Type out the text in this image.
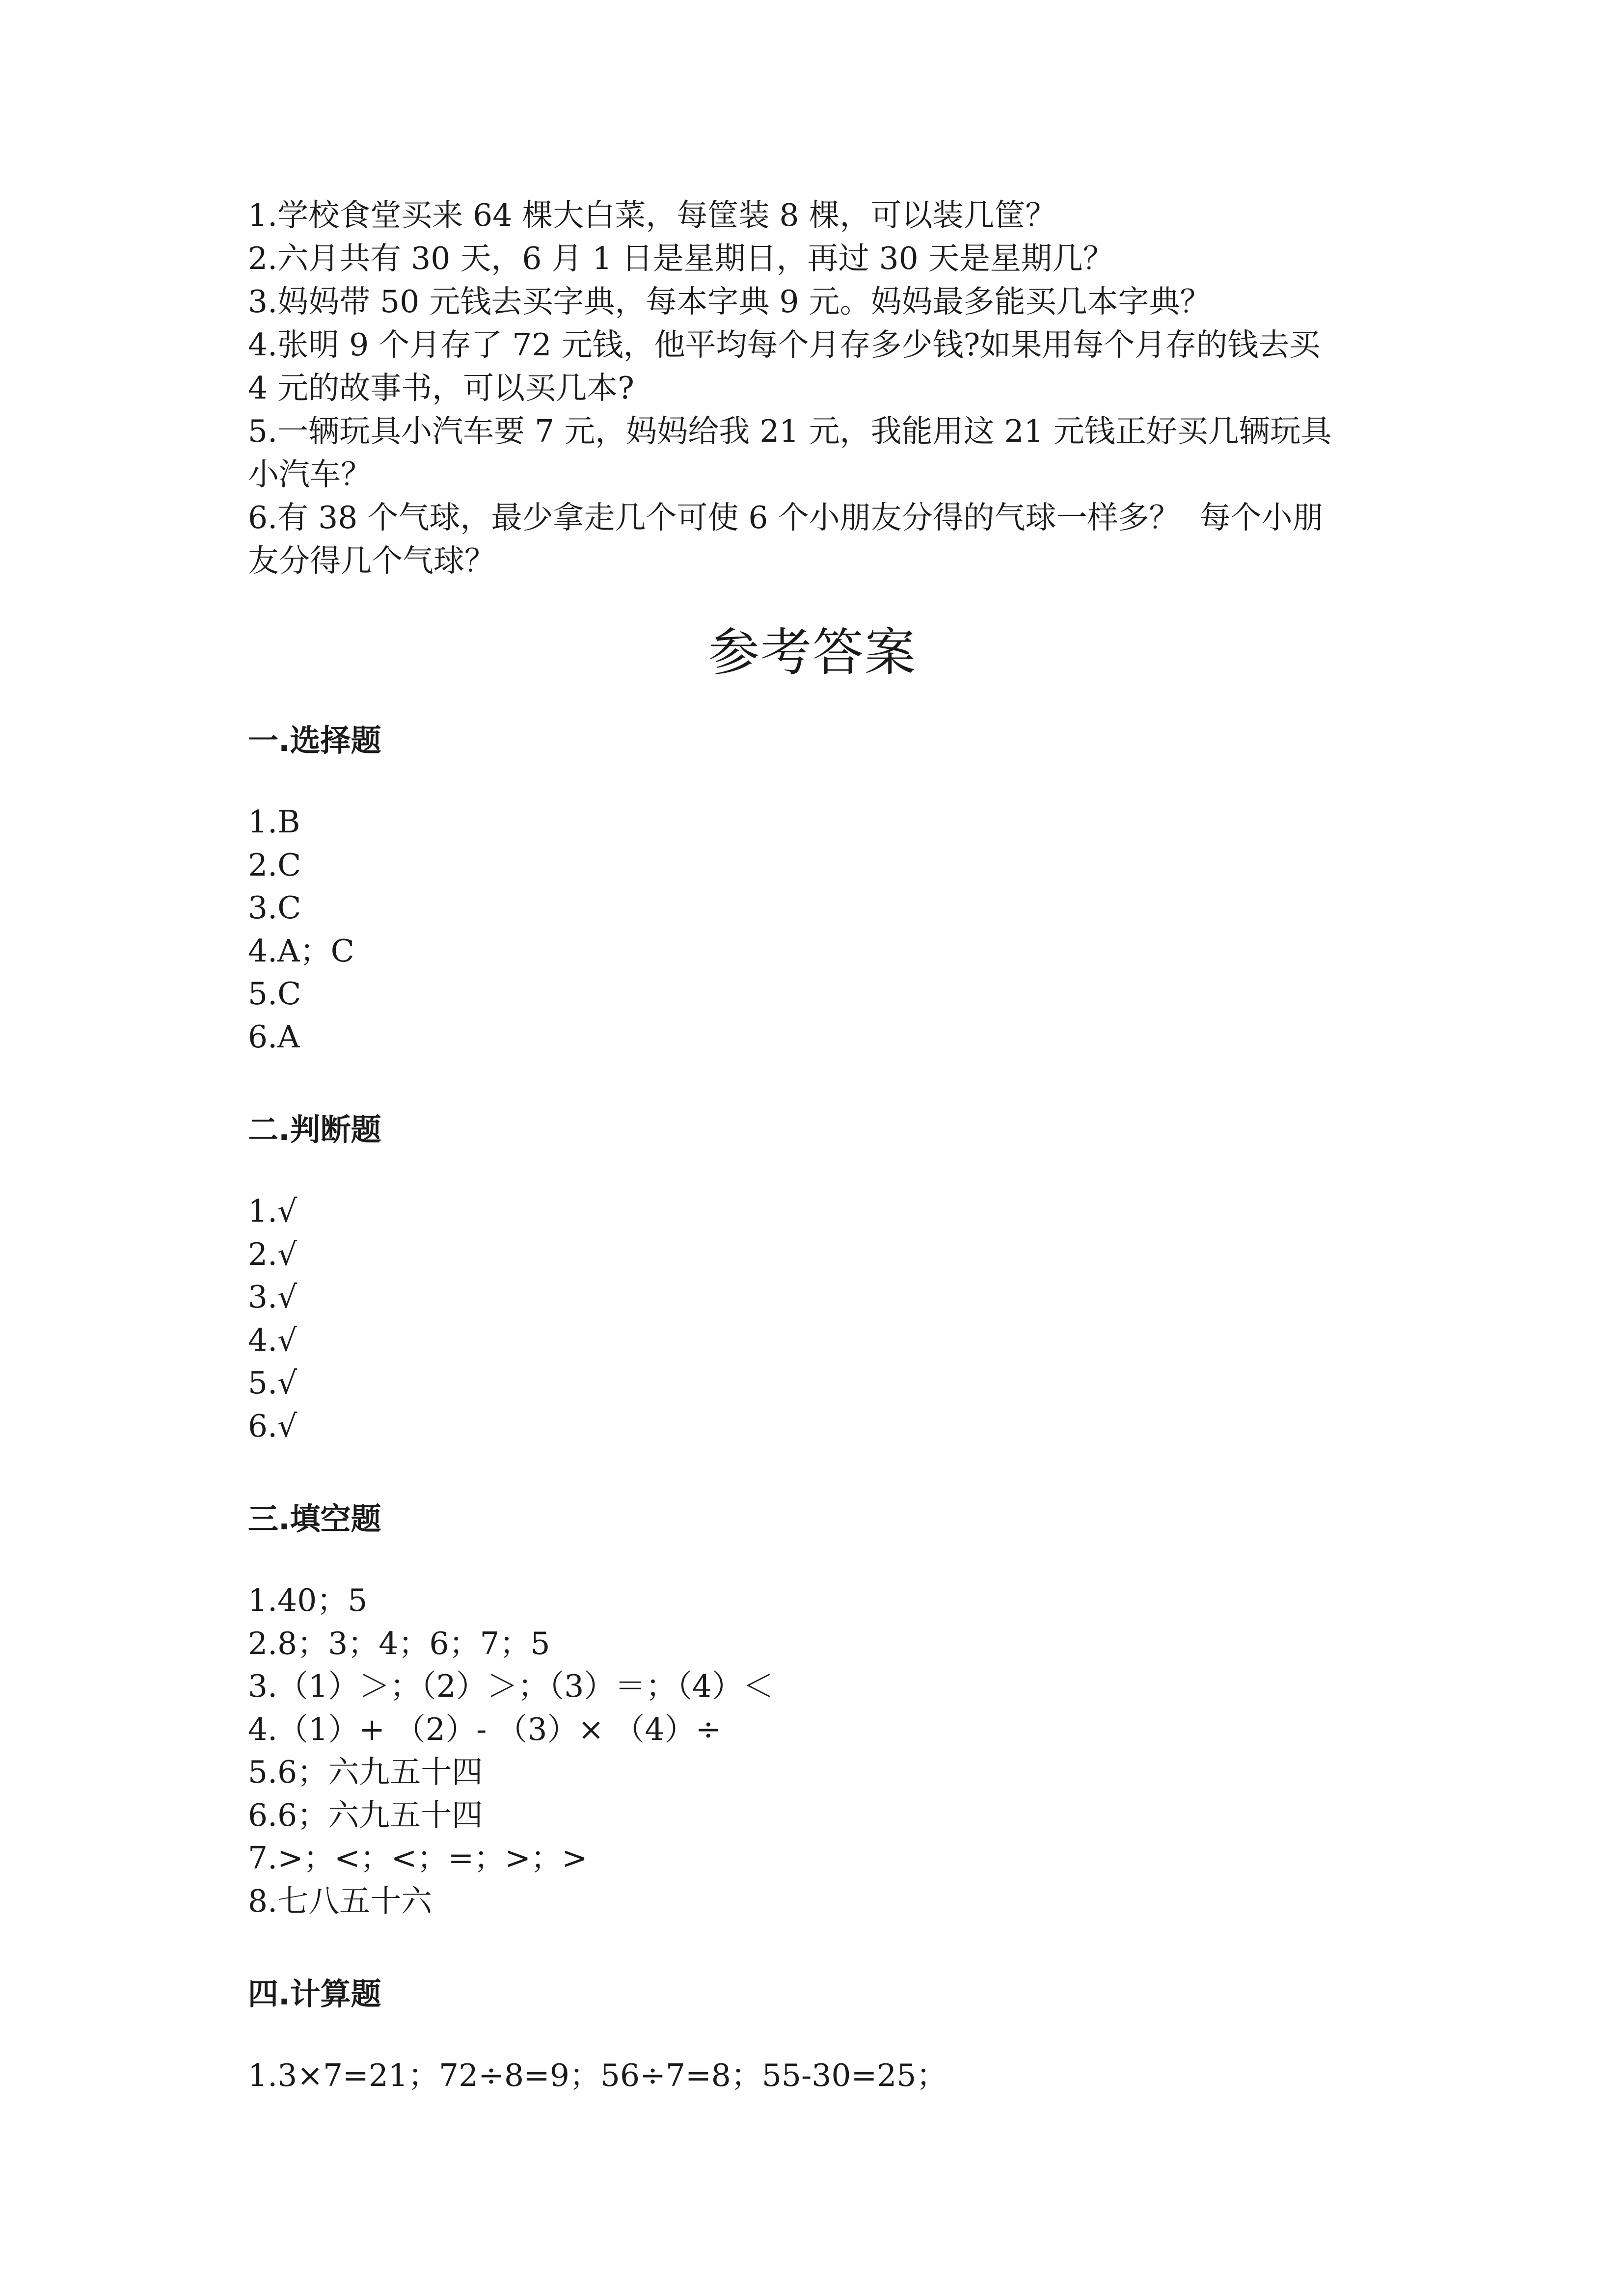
1.学校食堂买来 64 棵大白菜，每筐装 8 棵，可以装几筐？

2.六月共有 30 天，6 月 1 日是星期日，再过 30 天是星期几？

3.妈妈带 50 元钱去买字典，每本字典 9 元。妈妈最多能买几本字典？

4.张明 9 个月存了 72 元钱，他平均每个月存多少钱?如果用每个月存的钱去买

4 元的故事书，可以买几本?

5.一辆玩具小汽车要 7 元，妈妈给我 21 元，我能用这 21 元钱正好买几辆玩具

小汽车？

6.有 38 个气球，最少拿走几个可使 6 个小朋友分得的气球一样多？  每个小朋

友分得几个气球？

参考答案
一.选择题

1.B

2.C

3.C

4.A；C

5.C

6.A

二.判断题

1.√

2.√

3.√

4.√

5.√

6.√

三.填空题

1.40；5

2.8；3；4；6；7；5

3.（1）＞；（2）＞；（3）＝；（4）＜

4.（1）+ （2）- （3）× （4）÷

5.6；六九五十四

6.6；六九五十四

7.>；<；<；=；>；>

8.七八五十六

四.计算题

1.3×7=21；72÷8=9；56÷7=8；55-30=25；
